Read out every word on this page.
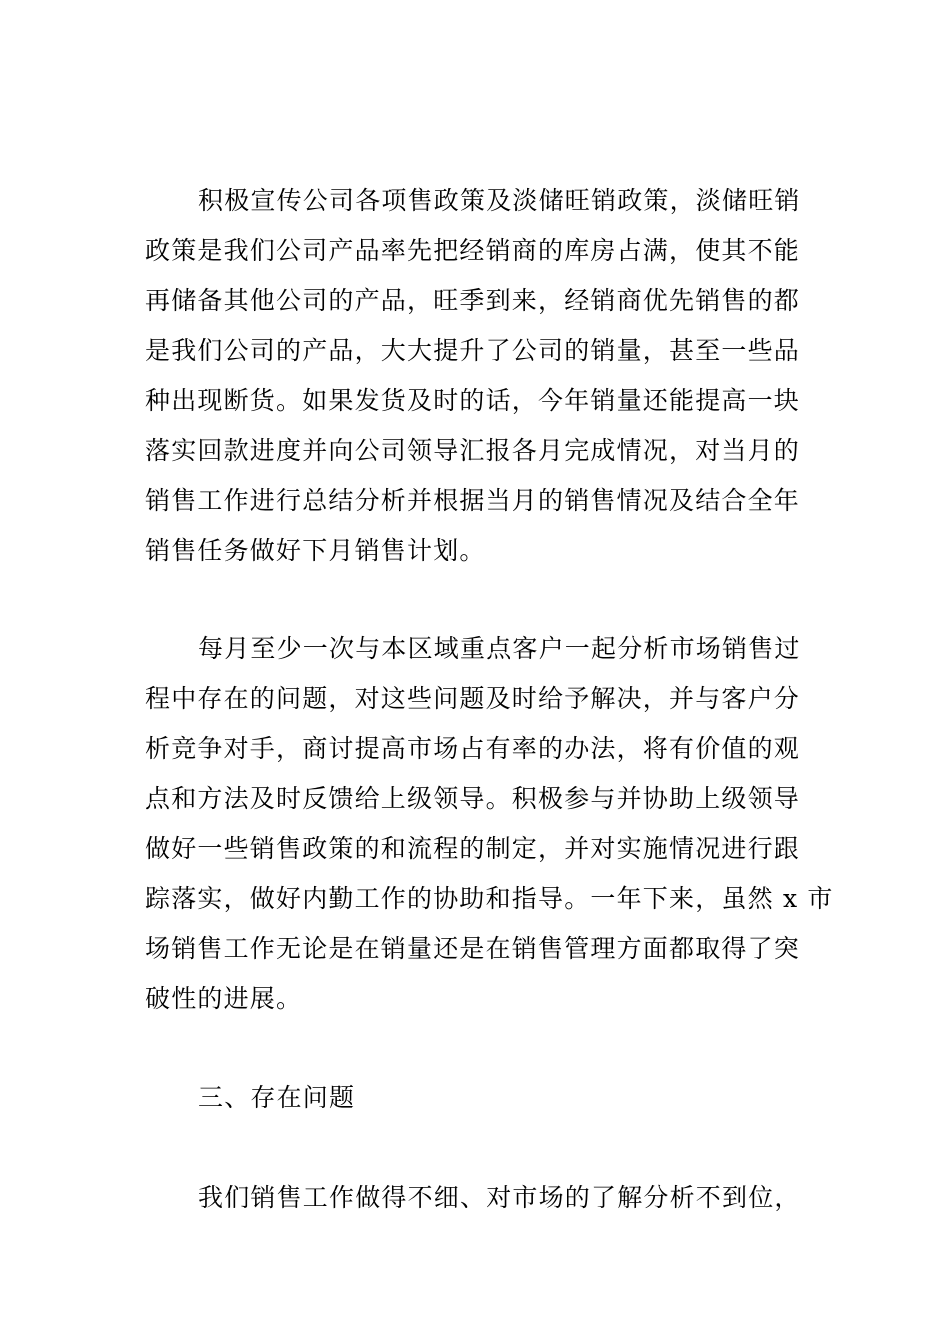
积极宣传公司各项售政策及淡储旺销政策，淡储旺销
政策是我们公司产品率先把经销商的库房占满，使其不能
再储备其他公司的产品，旺季到来，经销商优先销售的都
是我们公司的产品，大大提升了公司的销量，甚至一些品
种出现断货。如果发货及时的话，今年销量还能提高一块
落实回款进度并向公司领导汇报各月完成情况，对当月的
销售工作进行总结分析并根据当月的销售情况及结合全年
销售任务做好下月销售计划。
每月至少一次与本区域重点客户一起分析市场销售过
程中存在的问题，对这些问题及时给予解决，并与客户分
析竞争对手，商讨提高市场占有率的办法，将有价值的观
点和方法及时反馈给上级领导。积极参与并协助上级领导
做好一些销售政策的和流程的制定，并对实施情况进行跟
踪落实，做好内勤工作的协助和指导。一年下来，虽然 x 市
场销售工作无论是在销量还是在销售管理方面都取得了突
破性的进展。
三、存在问题
我们销售工作做得不细、对市场的了解分析不到位，
